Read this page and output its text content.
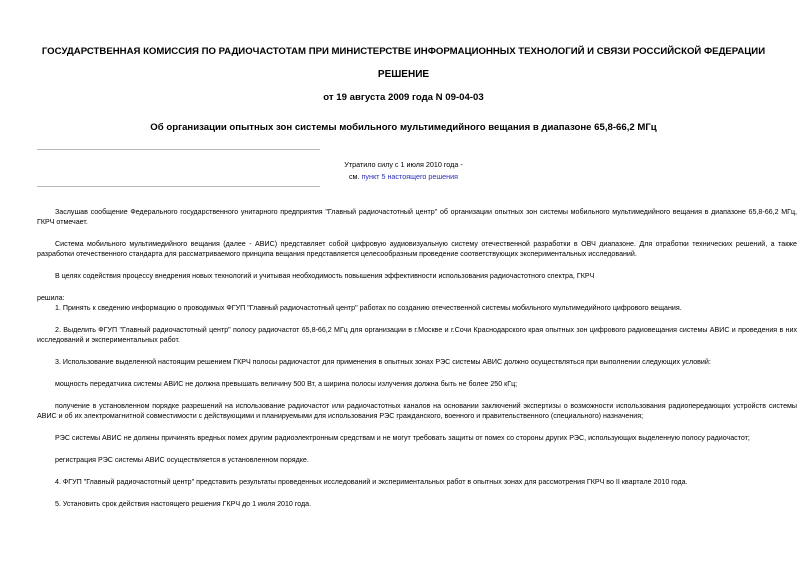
ГОСУДАРСТВЕННАЯ КОМИССИЯ ПО РАДИОЧАСТОТАМ ПРИ МИНИСТЕРСТВЕ ИНФОРМАЦИОННЫХ ТЕХНОЛОГИЙ И СВЯЗИ РОССИЙСКОЙ ФЕДЕРАЦИИ
РЕШЕНИЕ
от 19 августа 2009 года N 09-04-03
Об организации опытных зон системы мобильного мультимедийного вещания в диапазоне 65,8-66,2 МГц
Утратило силу с 1 июля 2010 года -
см. пункт 5 настоящего решения

Заслушав сообщение Федерального государственного унитарного предприятия "Главный радиочастотный центр" об организации опытных зон системы мобильного мультимедийного вещания в диапазоне 65,8-66,2 МГц, ГКРЧ отмечает.

Система мобильного мультимедийного вещания (далее - АВИС) представляет собой цифровую аудиовизуальную систему отечественной разработки в ОВЧ диапазоне. Для отработки технических решений, а также разработки отечественного стандарта для рассматриваемого принципа вещания представляется целесообразным проведение соответствующих экспериментальных исследований.

В целях содействия процессу внедрения новых технологий и учитывая необходимость повышения эффективности использования радиочастотного спектра, ГКРЧ

решила:

1. Принять к сведению информацию о проводимых ФГУП "Главный радиочастотный центр" работах по созданию отечественной системы мобильного мультимедийного цифрового вещания.

2. Выделить ФГУП "Главный радиочастотный центр" полосу радиочастот 65,8-66,2 МГц для организации в г.Москве и г.Сочи Краснодарского края опытных зон цифрового радиовещания системы АВИС и проведения в них исследований и экспериментальных работ.

3. Использование выделенной настоящим решением ГКРЧ полосы радиочастот для применения в опытных зонах РЭС системы АВИС должно осуществляться при выполнении следующих условий:

мощность передатчика системы АВИС не должна превышать величину 500 Вт, а ширина полосы излучения должна быть не более 250 кГц;

получение в установленном порядке разрешений на использование радиочастот или радиочастотных каналов на основании заключений экспертизы о возможности использования радиопередающих устройств системы АВИС и об их электромагнитной совместимости с действующими и планируемыми для использования РЭС гражданского, военного и правительственного (специального) назначения;

РЭС системы АВИС не должны причинять вредных помех другим радиоэлектронным средствам и не могут требовать защиты от помех со стороны других РЭС, использующих выделенную полосу радиочастот;

регистрация РЭС системы АВИС осуществляется в установленном порядке.

4. ФГУП "Главный радиочастотный центр" представить результаты проведенных исследований и экспериментальных работ в опытных зонах для рассмотрения ГКРЧ во II квартале 2010 года.

5. Установить срок действия настоящего решения ГКРЧ до 1 июля 2010 года.
